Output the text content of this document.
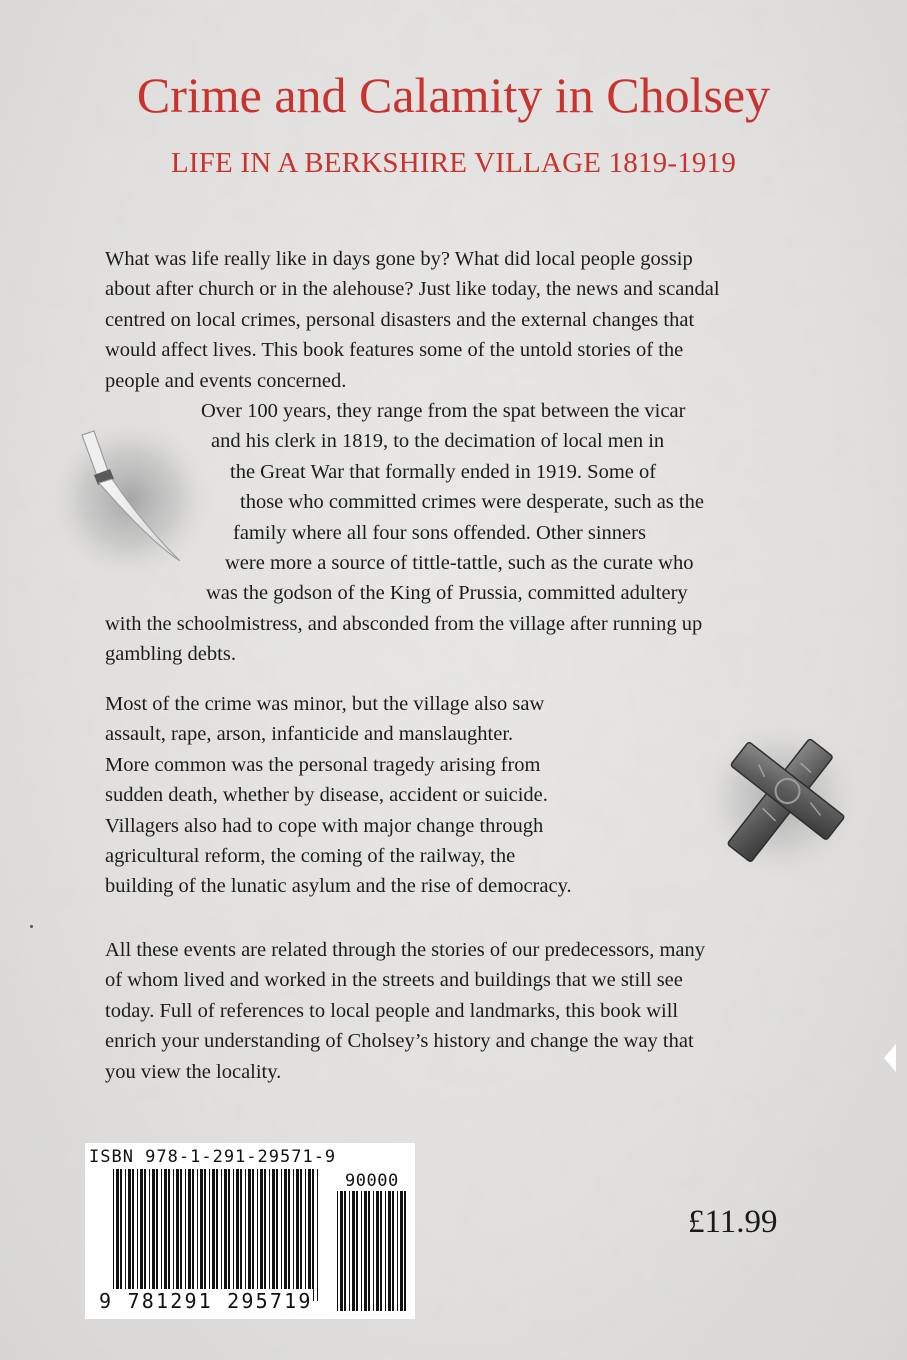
Crime and Calamity in Cholsey
LIFE IN A BERKSHIRE VILLAGE 1819-1919

What was life really like in days gone by? What did local people gossip
about after church or in the alehouse? Just like today, the news and scandal
centred on local crimes, personal disasters and the external changes that
would affect lives. This book features some of the untold stories of the
people and events concerned.

Over 100 years, they range from the spat between the vicar
and his clerk in 1819, to the decimation of local men in
the Great War that formally ended in 1919. Some of
those who committed crimes were desperate, such as the
family where all four sons offended. Other sinners
were more a source of tittle-tattle, such as the curate who
was the godson of the King of Prussia, committed adultery
with the schoolmistress, and absconded from the village after running up
gambling debts.

Most of the crime was minor, but the village also saw
assault, rape, arson, infanticide and manslaughter.
More common was the personal tragedy arising from
sudden death, whether by disease, accident or suicide.
Villagers also had to cope with major change through
agricultural reform, the coming of the railway, the
building of the lunatic asylum and the rise of democracy.

All these events are related through the stories of our predecessors, many
of whom lived and worked in the streets and buildings that we still see
today. Full of references to local people and landmarks, this book will
enrich your understanding of Cholsey’s history and change the way that
you view the locality.

ISBN 978-1-291-29571-9
90000
9 781291 295719

£11.99
